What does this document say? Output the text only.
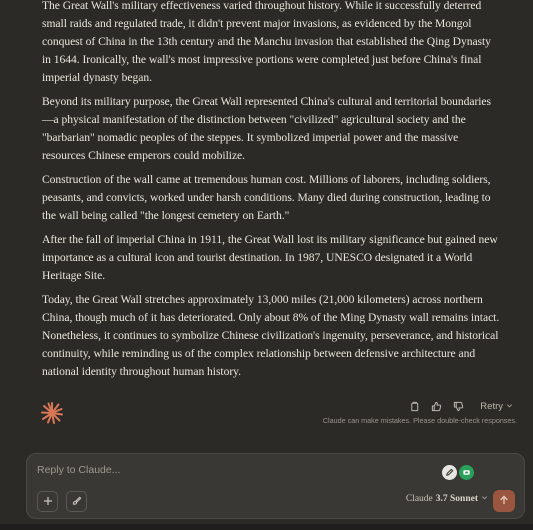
The Great Wall's military effectiveness varied throughout history. While it successfully deterred small raids and regulated trade, it didn't prevent major invasions, as evidenced by the Mongol conquest of China in the 13th century and the Manchu invasion that established the Qing Dynasty in 1644. Ironically, the wall's most impressive portions were completed just before China's final imperial dynasty began.

Beyond its military purpose, the Great Wall represented China's cultural and territorial boundaries—a physical manifestation of the distinction between "civilized" agricultural society and the "barbarian" nomadic peoples of the steppes. It symbolized imperial power and the massive resources Chinese emperors could mobilize.

Construction of the wall came at tremendous human cost. Millions of laborers, including soldiers, peasants, and convicts, worked under harsh conditions. Many died during construction, leading to the wall being called "the longest cemetery on Earth."

After the fall of imperial China in 1911, the Great Wall lost its military significance but gained new importance as a cultural icon and tourist destination. In 1987, UNESCO designated it a World Heritage Site.

Today, the Great Wall stretches approximately 13,000 miles (21,000 kilometers) across northern China, though much of it has deteriorated. Only about 8% of the Ming Dynasty wall remains intact. Nonetheless, it continues to symbolize Chinese civilization's ingenuity, perseverance, and historical continuity, while reminding us of the complex relationship between defensive architecture and national identity throughout human history.

Retry
Claude can make mistakes. Please double-check responses.
Reply to Claude...
Claude 3.7 Sonnet
